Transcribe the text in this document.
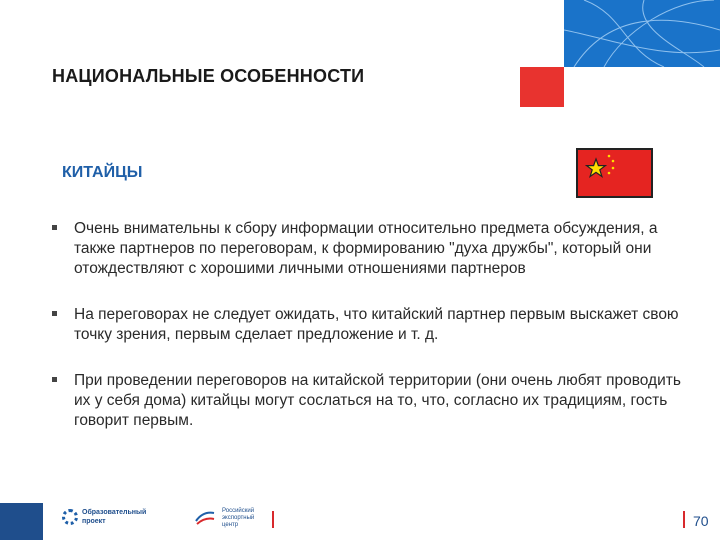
НАЦИОНАЛЬНЫЕ ОСОБЕННОСТИ
КИТАЙЦЫ
Очень внимательны к сбору информации относительно предмета обсуждения, а также партнеров по переговорам, к формированию "духа дружбы", который они отождествляют с хорошими личными отношениями партнеров
На переговорах не следует ожидать, что китайский партнер первым выскажет свою точку зрения, первым сделает предложение и т. д.
При проведении переговоров на китайской территории (они очень любят проводить их у себя дома) китайцы могут сослаться на то, что, согласно их традициям, гость говорит первым.
Образовательный проект
Российский экспортный центр	70
